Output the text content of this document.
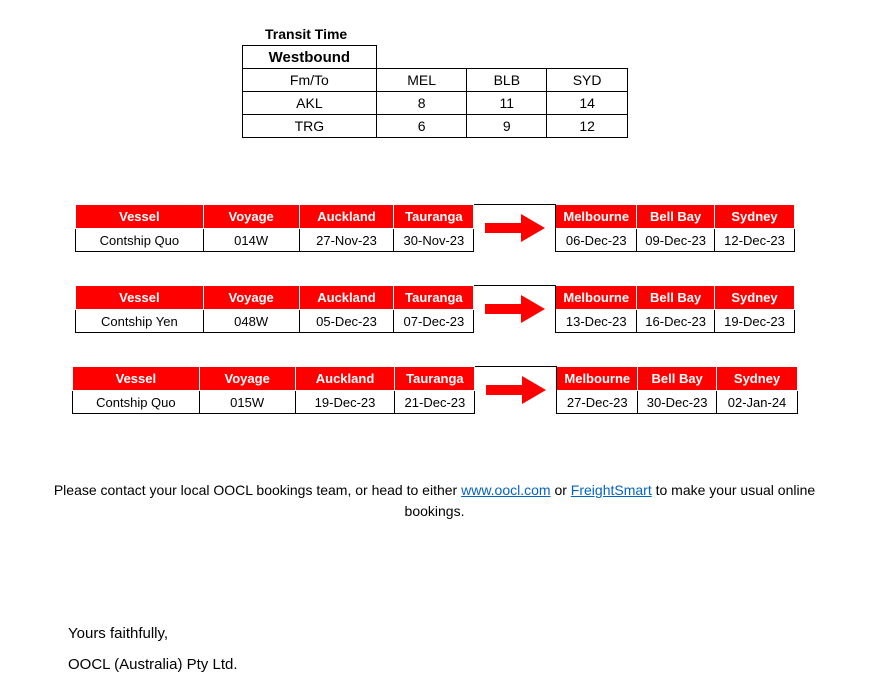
Transit Time
Westbound			
Fm/To	MEL	BLB	SYD
AKL	8	11	14
TRG	6	9	12
Vessel	Voyage	Auckland	Tauranga		Melbourne	Bell Bay	Sydney
Contship Quo	014W	27-Nov-23	30-Nov-23		06-Dec-23	09-Dec-23	12-Dec-23
Vessel	Voyage	Auckland	Tauranga		Melbourne	Bell Bay	Sydney
Contship Yen	048W	05-Dec-23	07-Dec-23		13-Dec-23	16-Dec-23	19-Dec-23
Vessel	Voyage	Auckland	Tauranga		Melbourne	Bell Bay	Sydney
Contship Quo	015W	19-Dec-23	21-Dec-23		27-Dec-23	30-Dec-23	02-Jan-24
Please contact your local OOCL bookings team, or head to either www.oocl.com or FreightSmart to make your usual online bookings.
Yours faithfully,
OOCL (Australia) Pty Ltd.
